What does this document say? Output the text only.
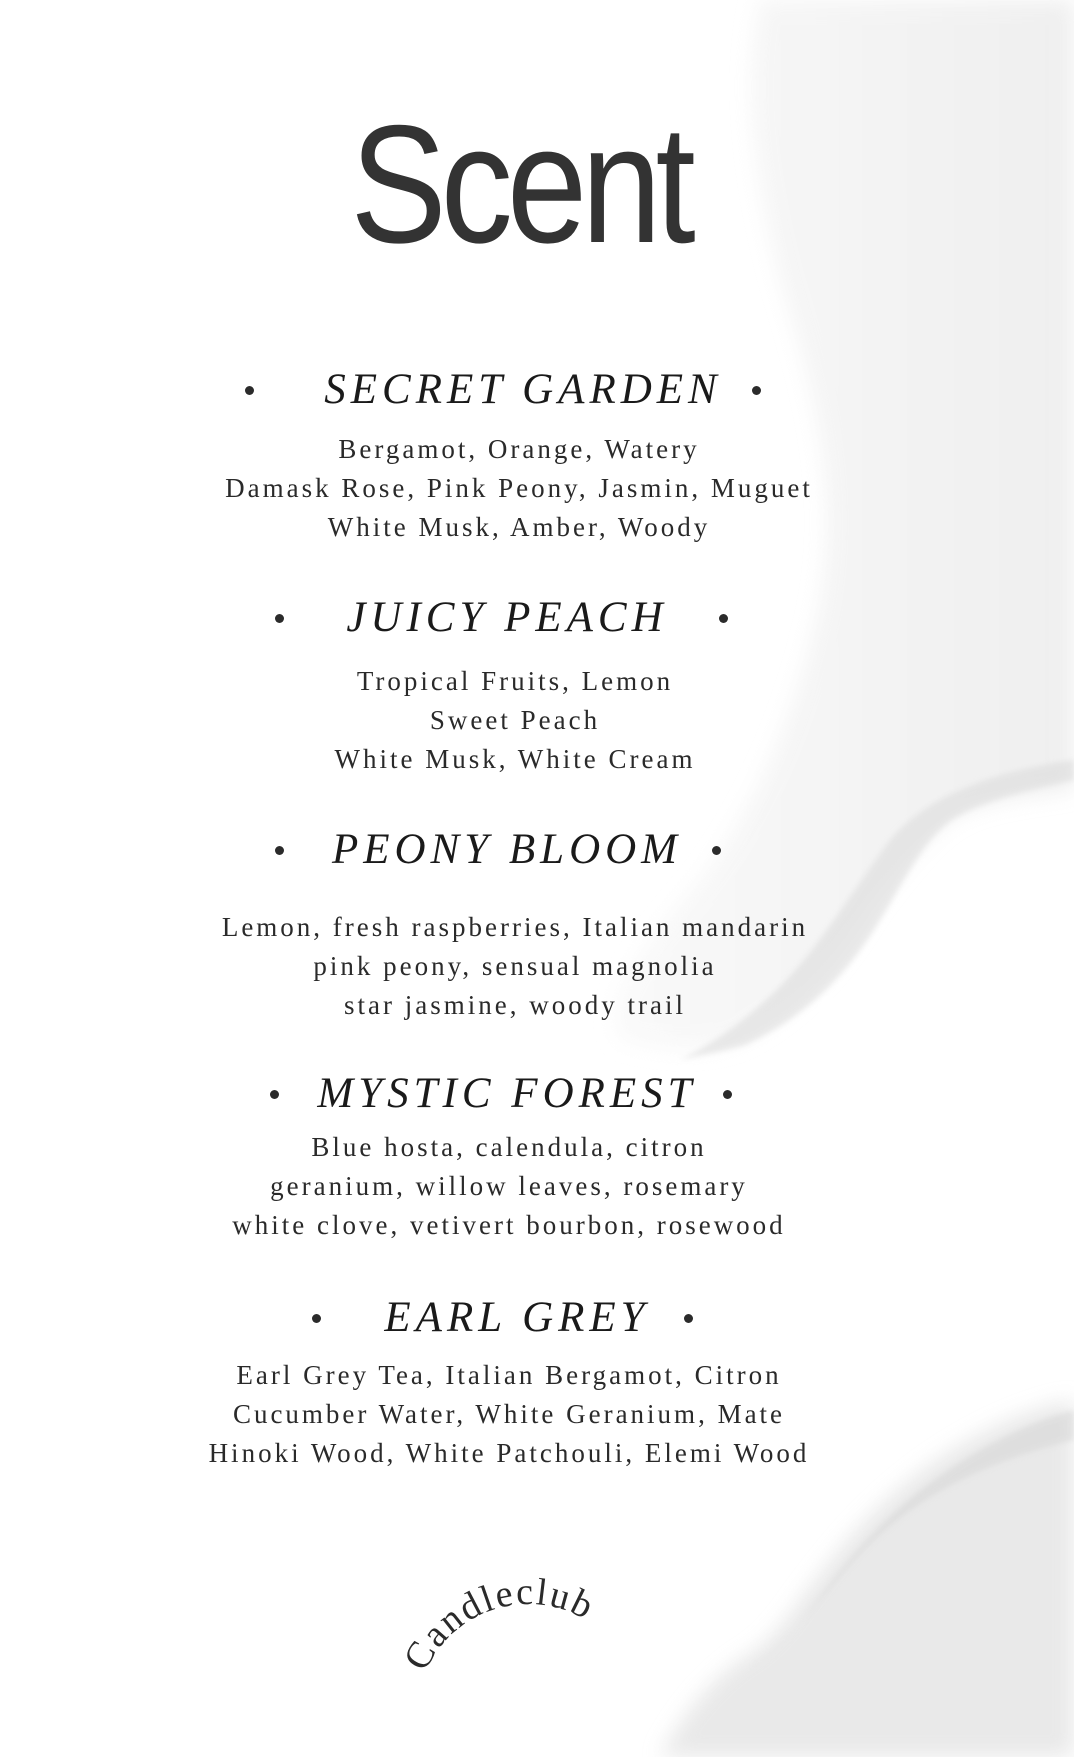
Scent
SECRET GARDEN
Bergamot, Orange, Watery
Damask Rose, Pink Peony, Jasmin, Muguet
White Musk, Amber, Woody
JUICY PEACH
Tropical Fruits, Lemon
Sweet Peach
White Musk, White Cream
PEONY BLOOM
Lemon, fresh raspberries, Italian mandarin
pink peony, sensual magnolia
star jasmine, woody trail
MYSTIC FOREST
Blue hosta, calendula, citron
geranium, willow leaves, rosemary
white clove, vetivert bourbon, rosewood
EARL GREY
Earl Grey Tea, Italian Bergamot, Citron
Cucumber Water, White Geranium, Mate
Hinoki Wood, White Patchouli, Elemi Wood
Candleclub
